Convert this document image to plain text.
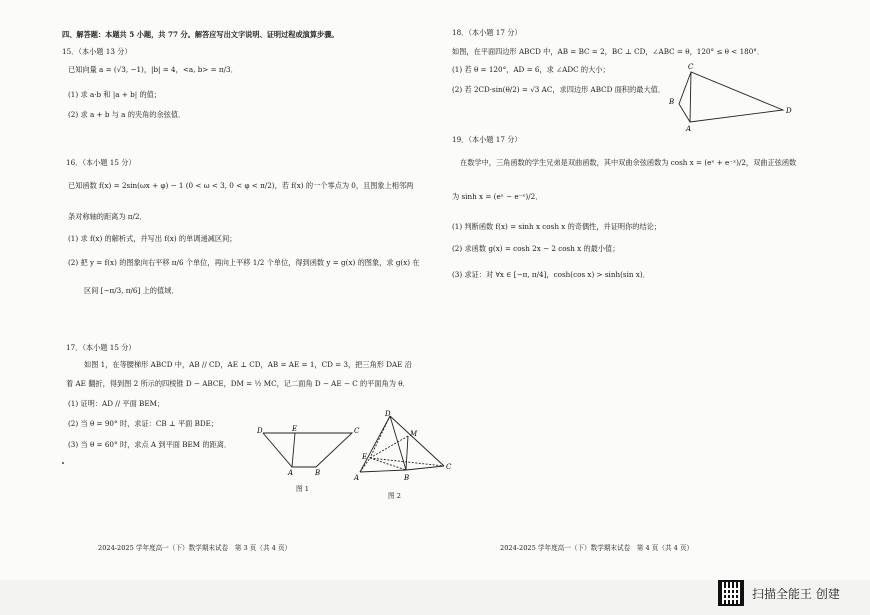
四、解答题：本题共 5 小题，共 77 分。解答应写出文字说明、证明过程或演算步骤。
15．（本小题 13 分）
已知向量 a = (√3, −1)，|b| = 4，<a, b> = π/3．
(1) 求 a·b 和 |a + b| 的值；
(2) 求 a + b 与 a 的夹角的余弦值．
16．（本小题 15 分）
已知函数 f(x) = 2sin(ωx + φ) − 1 (0 < ω < 3, 0 < φ < π/2)，若 f(x) 的一个零点为 0，且图象上相邻两
条对称轴的距离为 π/2．
(1) 求 f(x) 的解析式，并写出 f(x) 的单调递减区间；
(2) 把 y = f(x) 的图象向右平移 π/6 个单位，再向上平移 1/2 个单位，得到函数 y = g(x) 的图象，求 g(x) 在
区间 [−π/3, π/6] 上的值域．
17．（本小题 15 分）
如图 1，在等腰梯形 ABCD 中，AB // CD，AE ⊥ CD，AB = AE = 1，CD = 3，把三角形 DAE 沿
着 AE 翻折，得到图 2 所示的四棱锥 D − ABCE，DM = ½ MC，记二面角 D − AE − C 的平面角为 θ．
(1) 证明：AD // 平面 BEM；
(2) 当 θ = 90° 时，求证：CB ⊥ 平面 BDE；
(3) 当 θ = 60° 时，求点 A 到平面 BEM 的距离．
D	E	C
A	B
图 1
D
M
E
B
A
C
图 2
2024-2025 学年度高一（下）数学期末试卷　第 3 页（共 4 页）
18．（本小题 17 分）
如图，在平面四边形 ABCD 中，AB = BC = 2，BC ⊥ CD，∠ABC = θ，120° ≤ θ < 180°．
(1) 若 θ = 120°，AD = 6，求 ∠ADC 的大小；
(2) 若 2CD·sin(θ/2) = √3 AC，求四边形 ABCD 面积的最大值．
C
B
A
D
19．（本小题 17 分）
在数学中，三角函数的学生兄弟是双曲函数，其中双曲余弦函数为 cosh x = (eˣ + e⁻ˣ)/2，双曲正弦函数
为 sinh x = (eˣ − e⁻ˣ)/2．
(1) 判断函数 f(x) = sinh x cosh x 的奇偶性，并证明你的结论；
(2) 求函数 g(x) = cosh 2x − 2 cosh x 的最小值；
(3) 求证：对 ∀x ∈ [−π, π/4]，cosh(cos x) > sinh(sin x)．
2024-2025 学年度高一（下）数学期末试卷　第 4 页（共 4 页）
扫描全能王 创建
